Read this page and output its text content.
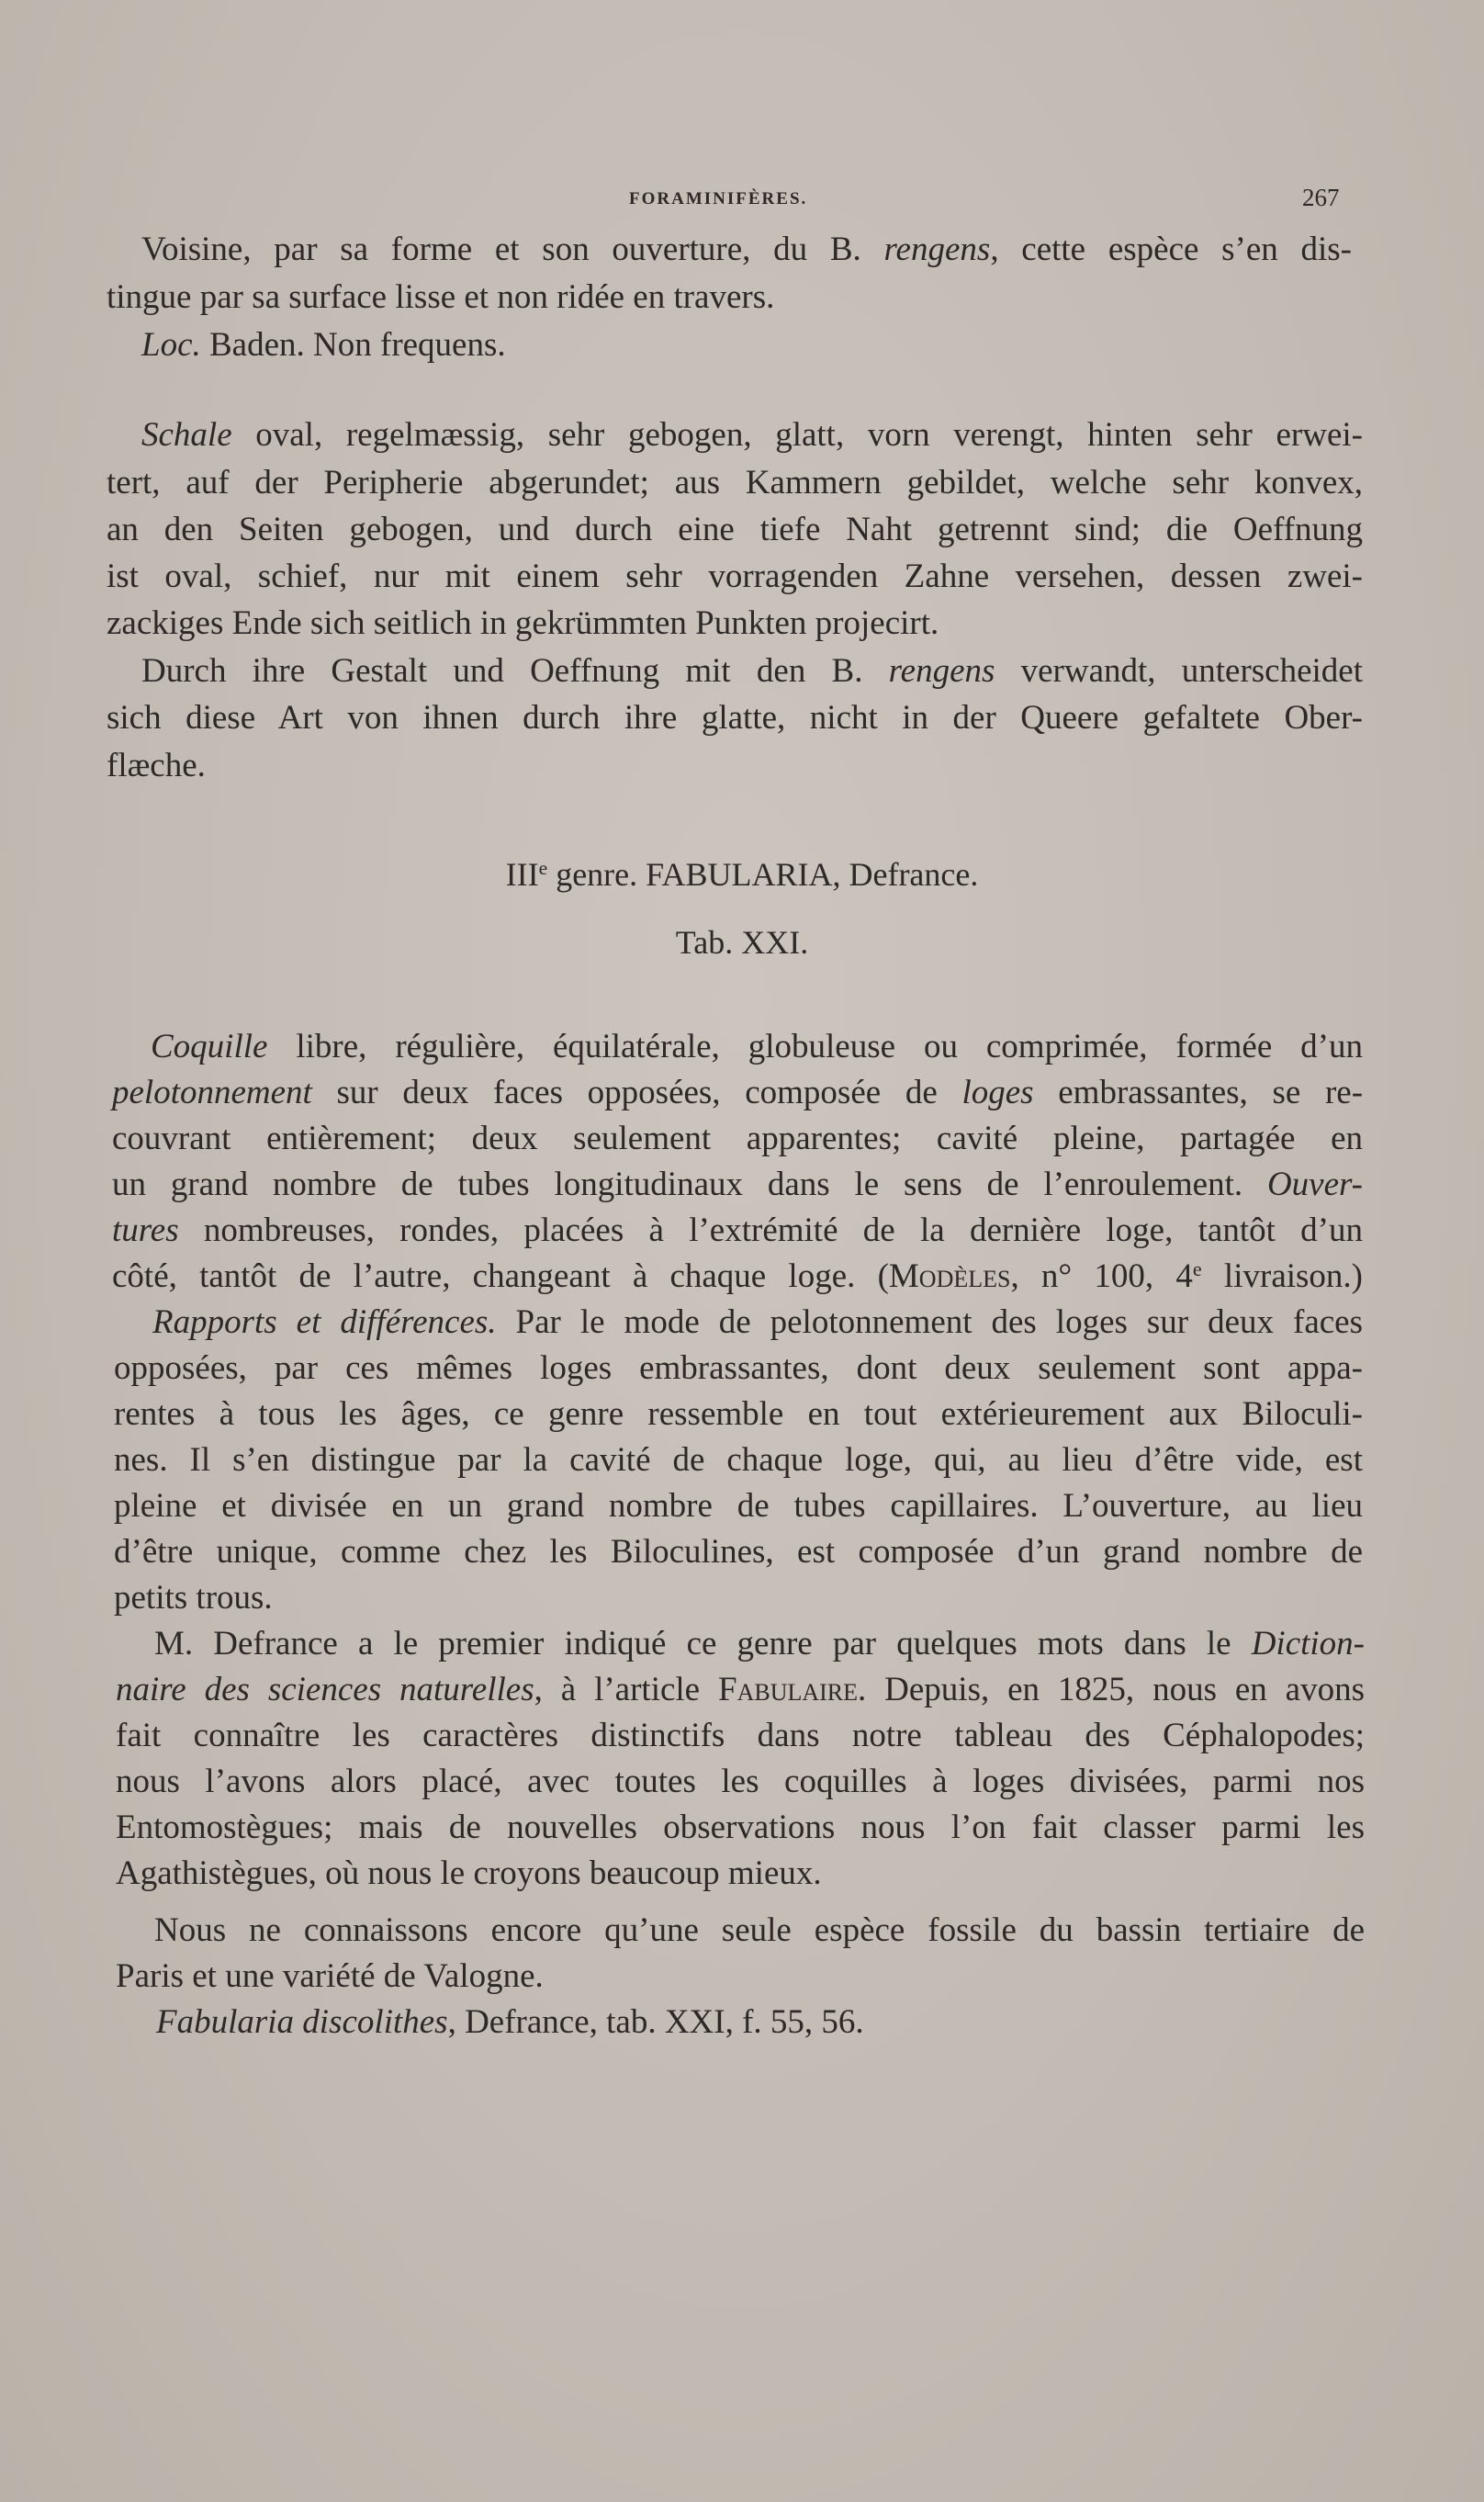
FORAMINIFÈRES.	267
Voisine, par sa forme et son ouverture, du B. rengens, cette espèce s’en dis-
tingue par sa surface lisse et non ridée en travers.
Loc. Baden. Non frequens.
Schale oval, regelmæssig, sehr gebogen, glatt, vorn verengt, hinten sehr erwei-
tert, auf der Peripherie abgerundet; aus Kammern gebildet, welche sehr konvex,
an den Seiten gebogen, und durch eine tiefe Naht getrennt sind; die Oeffnung
ist oval, schief, nur mit einem sehr vorragenden Zahne versehen, dessen zwei-
zackiges Ende sich seitlich in gekrümmten Punkten projecirt.
Durch ihre Gestalt und Oeffnung mit den B. rengens verwandt, unterscheidet
sich diese Art von ihnen durch ihre glatte, nicht in der Queere gefaltete Ober-
flæche.
IIIe genre. FABULARIA, Defrance.
Tab. XXI.
Coquille libre, régulière, équilatérale, globuleuse ou comprimée, formée d’un
pelotonnement sur deux faces opposées, composée de loges embrassantes, se re-
couvrant entièrement; deux seulement apparentes; cavité pleine, partagée en
un grand nombre de tubes longitudinaux dans le sens de l’enroulement. Ouver-
tures nombreuses, rondes, placées à l’extrémité de la dernière loge, tantôt d’un
côté, tantôt de l’autre, changeant à chaque loge. (Modèles, n° 100, 4e livraison.)
Rapports et différences. Par le mode de pelotonnement des loges sur deux faces
opposées, par ces mêmes loges embrassantes, dont deux seulement sont appa-
rentes à tous les âges, ce genre ressemble en tout extérieurement aux Biloculi-
nes. Il s’en distingue par la cavité de chaque loge, qui, au lieu d’être vide, est
pleine et divisée en un grand nombre de tubes capillaires. L’ouverture, au lieu
d’être unique, comme chez les Biloculines, est composée d’un grand nombre de
petits trous.
M. Defrance a le premier indiqué ce genre par quelques mots dans le Diction-
naire des sciences naturelles, à l’article Fabulaire. Depuis, en 1825, nous en avons
fait connaître les caractères distinctifs dans notre tableau des Céphalopodes;
nous l’avons alors placé, avec toutes les coquilles à loges divisées, parmi nos
Entomostègues; mais de nouvelles observations nous l’on fait classer parmi les
Agathistègues, où nous le croyons beaucoup mieux.
Nous ne connaissons encore qu’une seule espèce fossile du bassin tertiaire de
Paris et une variété de Valogne.
Fabularia discolithes, Defrance, tab. XXI, f. 55, 56.
